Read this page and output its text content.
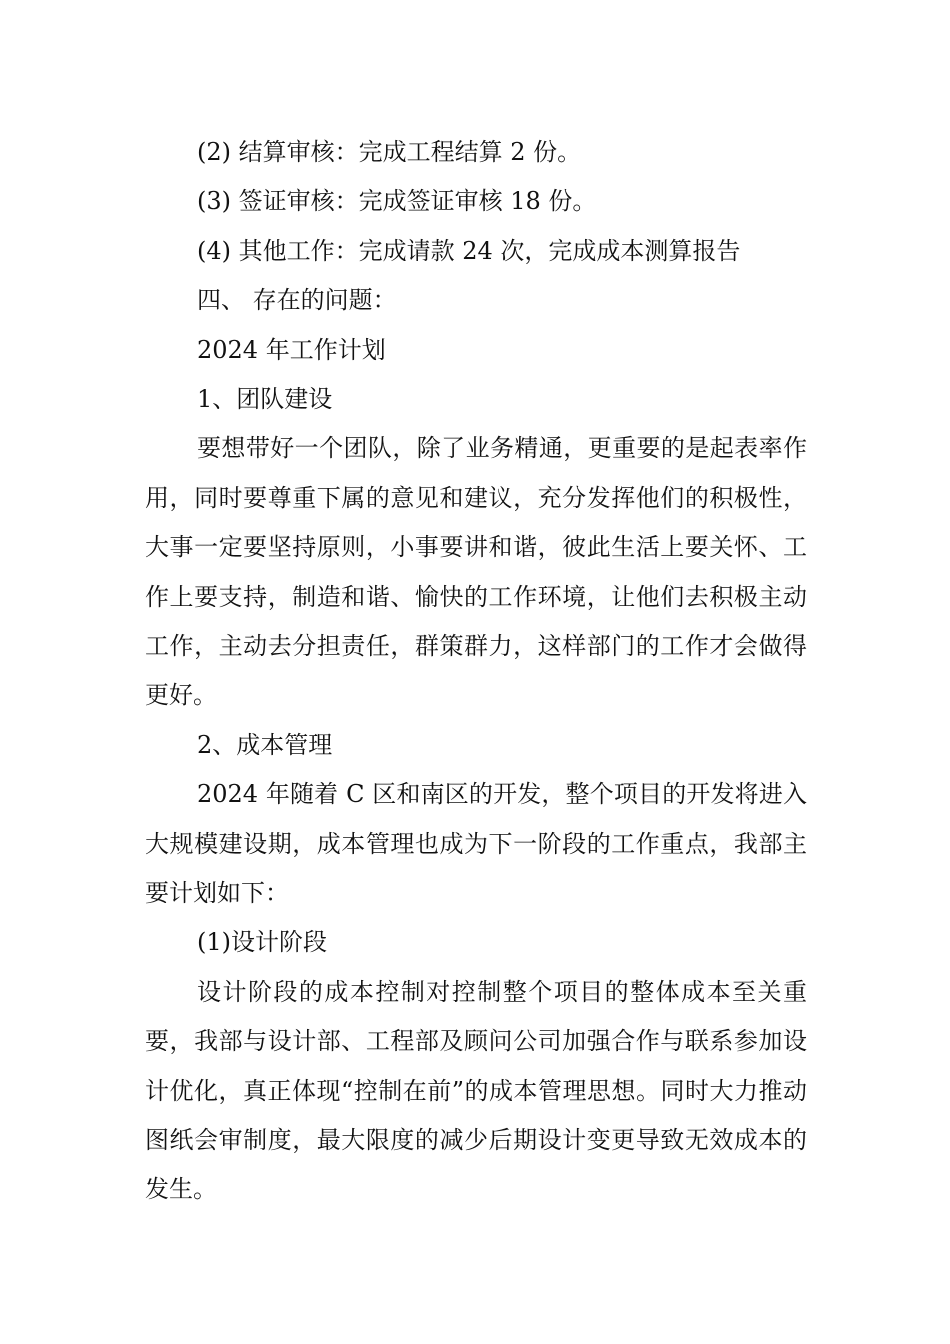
(2) 结算审核：完成工程结算 2 份。
(3) 签证审核：完成签证审核 18 份。
(4) 其他工作：完成请款 24 次，完成成本测算报告
四、 存在的问题：
2024 年工作计划
1、团队建设

要想带好一个团队，除了业务精通，更重要的是起表率作用，同时要尊重下属的意见和建议，充分发挥他们的积极性，大事一定要坚持原则，小事要讲和谐，彼此生活上要关怀、工作上要支持，制造和谐、愉快的工作环境，让他们去积极主动工作，主动去分担责任，群策群力，这样部门的工作才会做得更好。

2、成本管理

2024 年随着 C 区和南区的开发，整个项目的开发将进入大规模建设期，成本管理也成为下一阶段的工作重点，我部主要计划如下：

(1)设计阶段

设计阶段的成本控制对控制整个项目的整体成本至关重要，我部与设计部、工程部及顾问公司加强合作与联系参加设计优化，真正体现“控制在前”的成本管理思想。同时大力推动图纸会审制度，最大限度的减少后期设计变更导致无效成本的发生。
